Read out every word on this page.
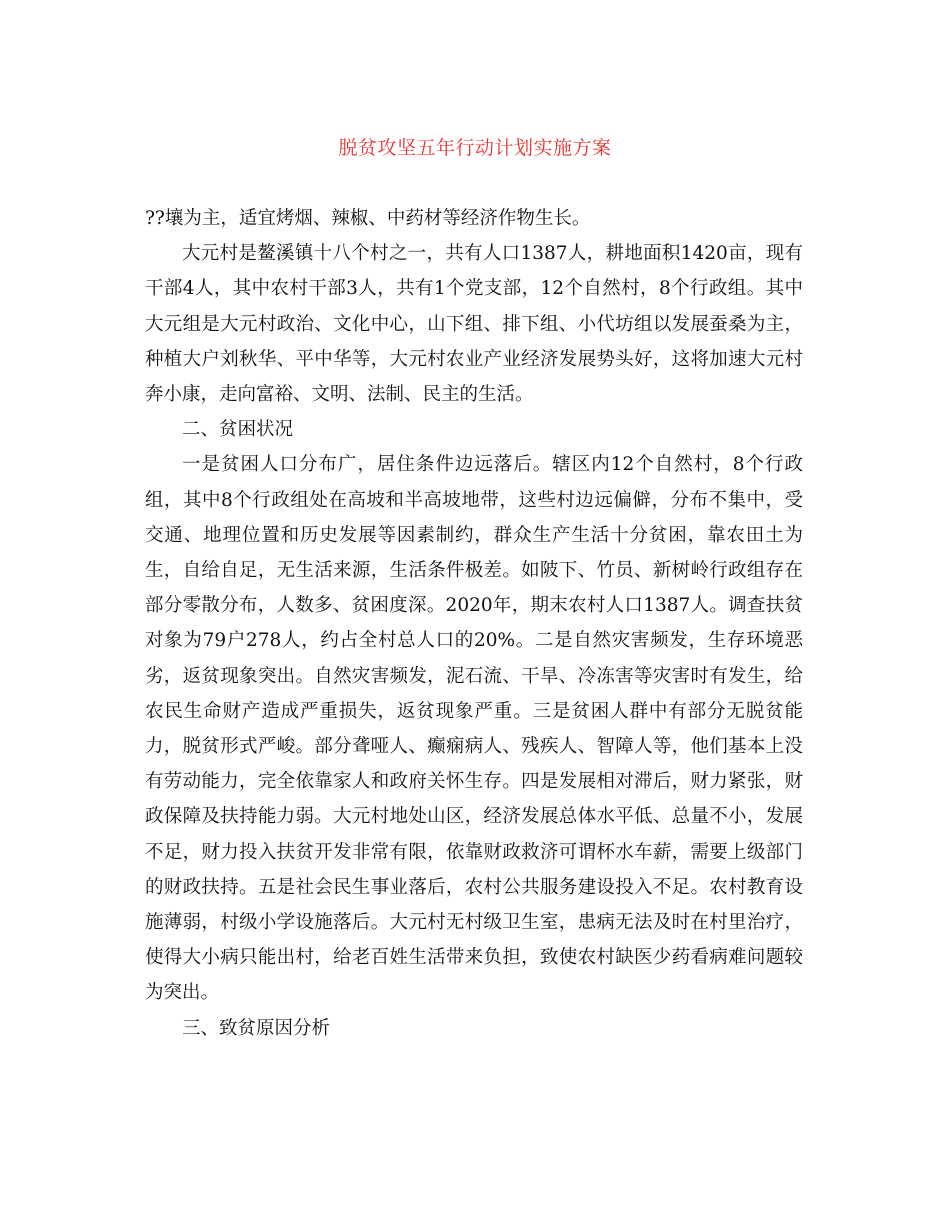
脱贫攻坚五年行动计划实施方案

??壤为主，适宜烤烟、辣椒、中药材等经济作物生长。

大元村是鳌溪镇十八个村之一，共有人口1387人，耕地面积1420亩，现有干部4人，其中农村干部3人，共有1个党支部，12个自然村，8个行政组。其中大元组是大元村政治、文化中心，山下组、排下组、小代坊组以发展蚕桑为主，种植大户刘秋华、平中华等，大元村农业产业经济发展势头好，这将加速大元村奔小康，走向富裕、文明、法制、民主的生活。

二、贫困状况

一是贫困人口分布广，居住条件边远落后。辖区内12个自然村，8个行政组，其中8个行政组处在高坡和半高坡地带，这些村边远偏僻，分布不集中，受交通、地理位置和历史发展等因素制约，群众生产生活十分贫困，靠农田土为生，自给自足，无生活来源，生活条件极差。如陂下、竹员、新树岭行政组存在部分零散分布，人数多、贫困度深。2020年，期末农村人口1387人。调查扶贫对象为79户278人，约占全村总人口的20%。二是自然灾害频发，生存环境恶劣，返贫现象突出。自然灾害频发，泥石流、干旱、冷冻害等灾害时有发生，给农民生命财产造成严重损失，返贫现象严重。三是贫困人群中有部分无脱贫能力，脱贫形式严峻。部分聋哑人、癫痫病人、残疾人、智障人等，他们基本上没有劳动能力，完全依靠家人和政府关怀生存。四是发展相对滞后，财力紧张，财政保障及扶持能力弱。大元村地处山区，经济发展总体水平低、总量不小，发展不足，财力投入扶贫开发非常有限，依靠财政救济可谓杯水车薪，需要上级部门的财政扶持。五是社会民生事业落后，农村公共服务建设投入不足。农村教育设施薄弱，村级小学设施落后。大元村无村级卫生室，患病无法及时在村里治疗，使得大小病只能出村，给老百姓生活带来负担，致使农村缺医少药看病难问题较为突出。

三、致贫原因分析
